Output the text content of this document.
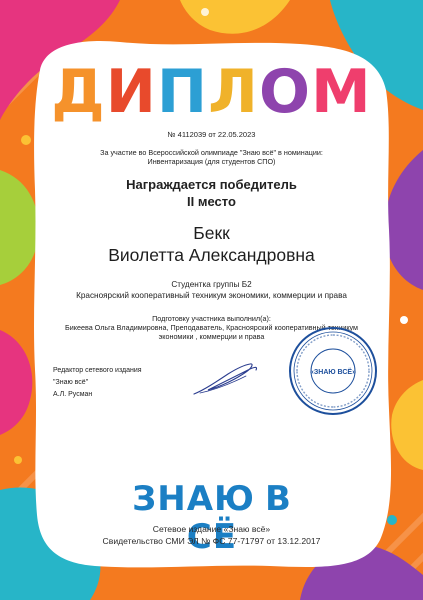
ДИПЛОМ
№ 4112039 от 22.05.2023
За участие во Всероссийской олимпиаде "Знаю всё" в номинации:
Инвентаризация (для студентов СПО)
Награждается победитель
II место
Бекк
Виолетта Александровна
Студентка группы Б2
Красноярский кооперативный техникум экономики, коммерции и права
Подготовку участника выполнил(а):
Бикеева Ольга Владимировна, Преподаватель, Красноярский кооперативный техникум
экономики , коммерции и права
Редактор сетевого издания
"Знаю всё"
А.Л. Русман
«ЗНАЮ ВСЁ»
ЗНАЮ ВСЁ
Сетевое издание «Знаю всё»
Свидетельство СМИ ЭЛ № ФС 77-71797 от 13.12.2017
